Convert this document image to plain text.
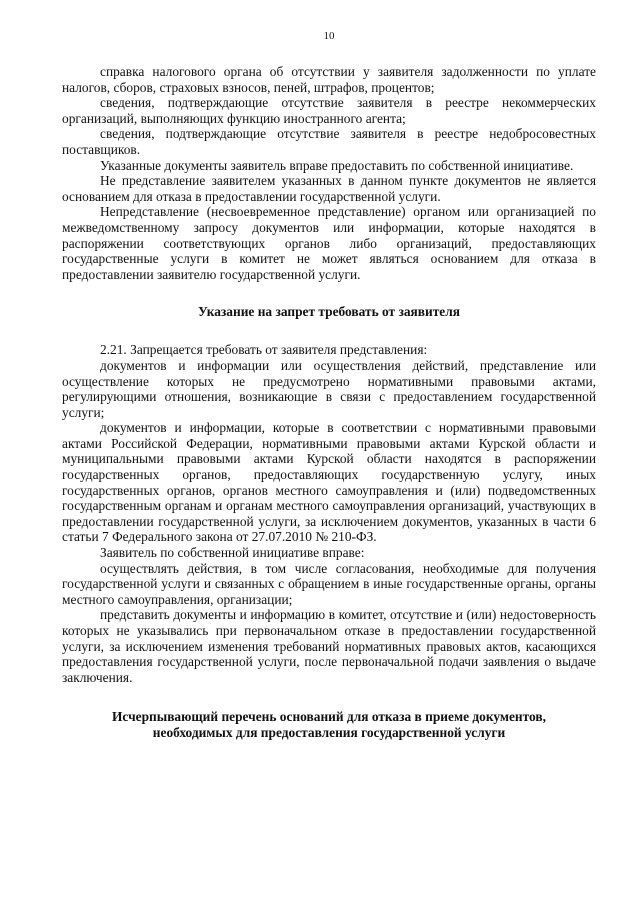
10

справка налогового органа об отсутствии у заявителя задолженности по уплате налогов, сборов, страховых взносов, пеней, штрафов, процентов;

сведения, подтверждающие отсутствие заявителя в реестре некоммерческих организаций, выполняющих функцию иностранного агента;

сведения, подтверждающие отсутствие заявителя в реестре недобросовестных поставщиков.

Указанные документы заявитель вправе предоставить по собственной инициативе.

Не представление заявителем указанных в данном пункте документов не является основанием для отказа в предоставлении государственной услуги.

Непредставление (несвоевременное представление) органом или организацией по межведомственному запросу документов или информации, которые находятся в распоряжении соответствующих органов либо организаций, предоставляющих государственные услуги в комитет не может являться основанием для отказа в предоставлении заявителю государственной услуги.

Указание на запрет требовать от заявителя

2.21. Запрещается требовать от заявителя представления:

документов и информации или осуществления действий, представление или осуществление которых не предусмотрено нормативными правовыми актами, регулирующими отношения, возникающие в связи с предоставлением государственной услуги;

документов и информации, которые в соответствии с нормативными правовыми актами Российской Федерации, нормативными правовыми актами Курской области и муниципальными правовыми актами Курской области находятся в распоряжении государственных органов, предоставляющих государственную услугу, иных государственных органов, органов местного самоуправления и (или) подведомственных государственным органам и органам местного самоуправления организаций, участвующих в предоставлении государственной услуги, за исключением документов, указанных в части 6 статьи 7 Федерального закона от 27.07.2010 № 210-ФЗ.

Заявитель по собственной инициативе вправе:

осуществлять действия, в том числе согласования, необходимые для получения государственной услуги и связанных с обращением в иные государственные органы, органы местного самоуправления, организации;

представить документы и информацию в комитет, отсутствие и (или) недостоверность которых не указывались при первоначальном отказе в предоставлении государственной услуги, за исключением изменения требований нормативных правовых актов, касающихся предоставления государственной услуги, после первоначальной подачи заявления о выдаче заключения.

Исчерпывающий перечень оснований для отказа в приеме документов,
необходимых для предоставления государственной услуги
